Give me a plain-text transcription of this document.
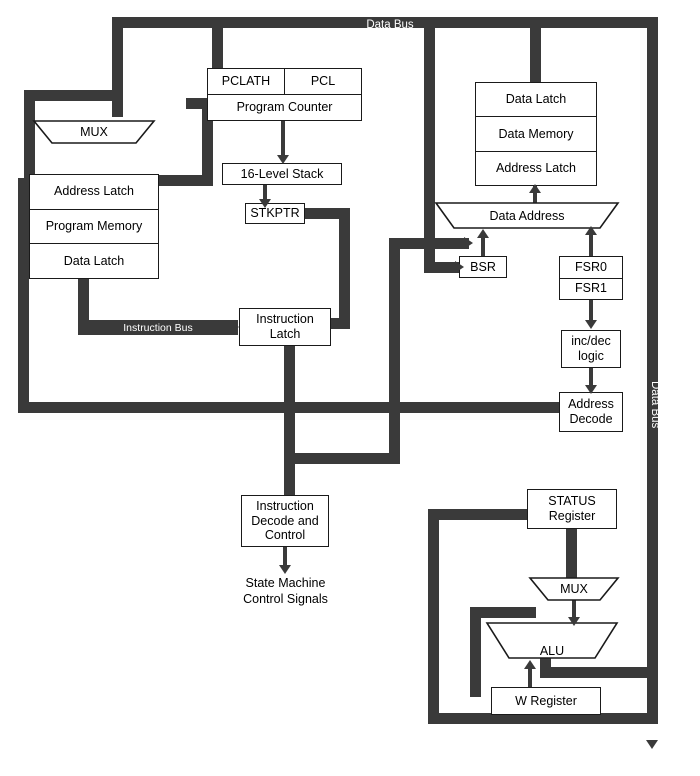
Data Bus
Data Bus
MUX
Address Latch
Program Memory
Data Latch
Instruction Bus
PCLATH	PCL
Program Counter
16-Level Stack
STKPTR
Instruction
Latch
Instruction
Decode and
Control
State Machine
Control Signals
Data Latch
Data Memory
Address Latch
Data Address
BSR	FSR0
FSR1
inc/dec
logic
Address
Decode
STATUS
Register
MUX
ALU
W Register
